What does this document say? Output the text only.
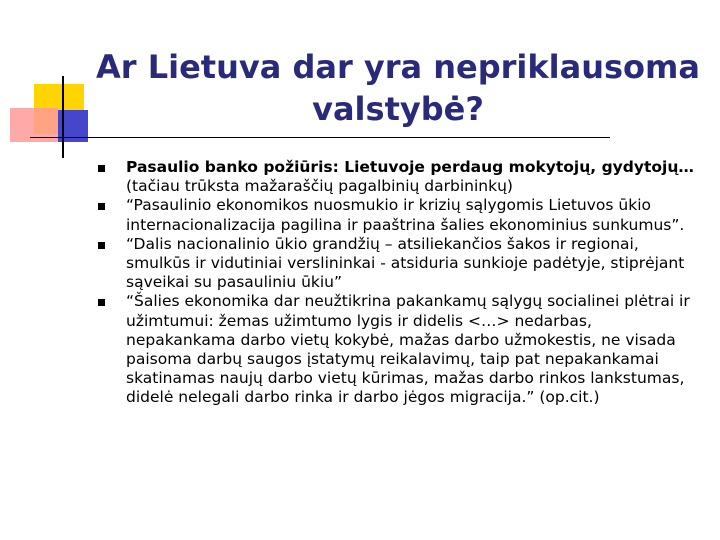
Ar Lietuva dar yra nepriklausoma
valstybė?
Pasaulio banko požiūris: Lietuvoje perdaug mokytojų, gydytojų… (tačiau trūksta mažaraščių pagalbinių darbininkų)
“Pasaulinio ekonomikos nuosmukio ir krizių sąlygomis Lietuvos ūkio internacionalizacija pagilina ir paaštrina šalies ekonominius sunkumus”.
“Dalis nacionalinio ūkio grandžių – atsiliekančios šakos ir regionai, smulkūs ir vidutiniai verslininkai - atsiduria sunkioje padėtyje, stiprėjant sąveikai su pasauliniu ūkiu”
“Šalies ekonomika dar neužtikrina pakankamų sąlygų socialinei plėtrai ir užimtumui: žemas užimtumo lygis ir didelis <…> nedarbas, nepakankama darbo vietų kokybė, mažas darbo užmokestis, ne visada paisoma darbų saugos įstatymų reikalavimų, taip pat nepakankamai skatinamas naujų darbo vietų kūrimas, mažas darbo rinkos lankstumas, didelė nelegali darbo rinka ir darbo jėgos migracija.” (op.cit.)
